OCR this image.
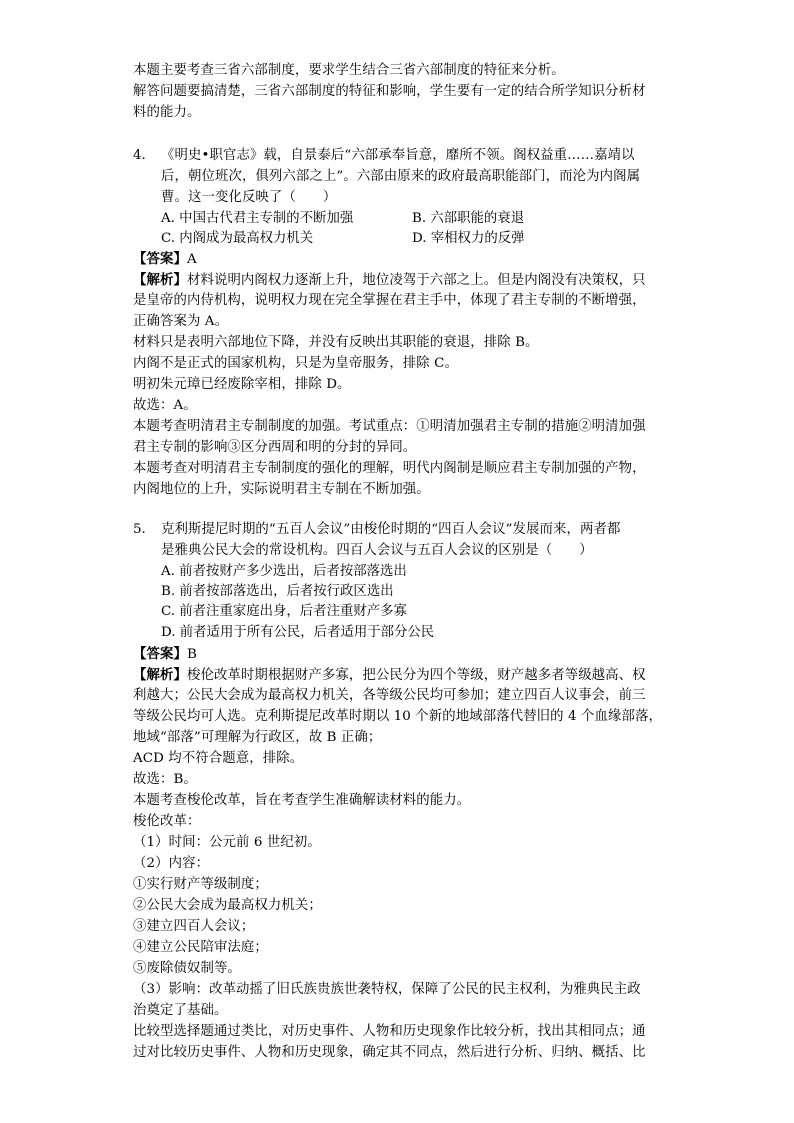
本题主要考查三省六部制度，要求学生结合三省六部制度的特征来分析。
解答问题要搞清楚，三省六部制度的特征和影响，学生要有一定的结合所学知识分析材
料的能力。
4. 《明史•职官志》载，自景泰后“六部承奉旨意，靡所不领。阁权益重……嘉靖以
后，朝位班次，俱列六部之上”。六部由原来的政府最高职能部门，而沦为内阁属
曹。这一变化反映了（　　）
A. 中国古代君主专制的不断加强	B. 六部职能的衰退
C. 内阁成为最高权力机关	D. 宰相权力的反弹
【答案】A
【解析】材料说明内阁权力逐渐上升，地位凌驾于六部之上。但是内阁没有决策权，只
是皇帝的内侍机构，说明权力现在完全掌握在君主手中，体现了君主专制的不断增强，
正确答案为 A。
材料只是表明六部地位下降，并没有反映出其职能的衰退，排除 B。
内阁不是正式的国家机构，只是为皇帝服务，排除 C。
明初朱元璋已经废除宰相，排除 D。
故选：A。
本题考查明清君主专制制度的加强。考试重点：①明清加强君主专制的措施②明清加强
君主专制的影响③区分西周和明的分封的异同。
本题考查对明清君主专制制度的强化的理解，明代内阁制是顺应君主专制加强的产物，
内阁地位的上升，实际说明君主专制在不断加强。
5. 克利斯提尼时期的“五百人会议”由梭伦时期的“四百人会议”发展而来，两者都
是雅典公民大会的常设机构。四百人会议与五百人会议的区别是（　　）
A. 前者按财产多少选出，后者按部落选出
B. 前者按部落选出，后者按行政区选出
C. 前者注重家庭出身，后者注重财产多寡
D. 前者适用于所有公民，后者适用于部分公民
【答案】B
【解析】梭伦改革时期根据财产多寡，把公民分为四个等级，财产越多者等级越高、权
利越大；公民大会成为最高权力机关，各等级公民均可参加；建立四百人议事会，前三
等级公民均可人选。克利斯提尼改革时期以 10 个新的地域部落代替旧的 4 个血缘部落，
地域“部落”可理解为行政区，故 B 正确；
ACD 均不符合题意，排除。
故选：B。
本题考查梭伦改革，旨在考查学生准确解读材料的能力。
梭伦改革：
（1）时间：公元前 6 世纪初。
（2）内容：
①实行财产等级制度；
②公民大会成为最高权力机关；
③建立四百人会议；
④建立公民陪审法庭；
⑤废除债奴制等。
（3）影响：改革动摇了旧氏族贵族世袭特权，保障了公民的民主权利，为雅典民主政
治奠定了基础。
比较型选择题通过类比，对历史事件、人物和历史现象作比较分析，找出其相同点；通
过对比较历史事件、人物和历史现象，确定其不同点，然后进行分析、归纳、概括、比
